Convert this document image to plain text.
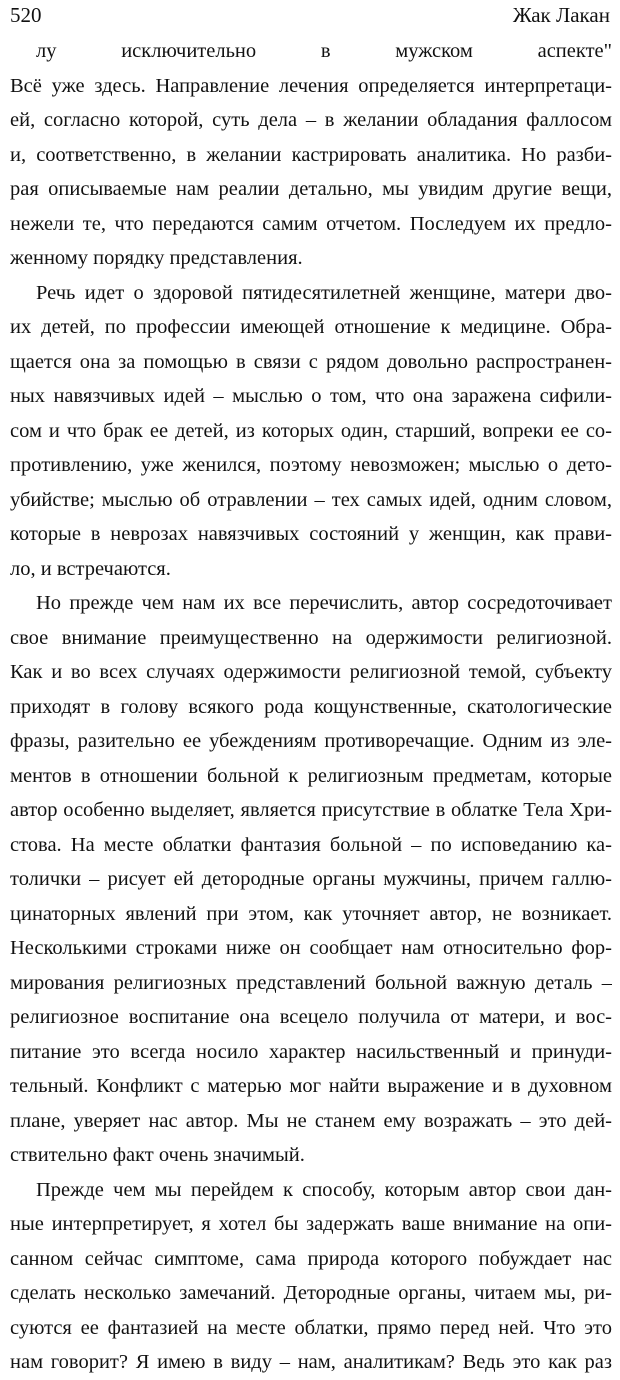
520	Жак Лакан
лу исключительно в мужском аспекте"
Всё уже здесь. Направление лечения определяется интерпретаци-
ей, согласно которой, суть дела – в желании обладания фаллосом
и, соответственно, в желании кастрировать аналитика. Но разби-
рая описываемые нам реалии детально, мы увидим другие вещи,
нежели те, что передаются самим отчетом. Последуем их предло-
женному порядку представления.
Речь идет о здоровой пятидесятилетней женщине, матери дво-
их детей, по профессии имеющей отношение к медицине. Обра-
щается она за помощью в связи с рядом довольно распространен-
ных навязчивых идей – мыслью о том, что она заражена сифили-
сом и что брак ее детей, из которых один, старший, вопреки ее со-
противлению, уже женился, поэтому невозможен; мыслью о дето-
убийстве; мыслью об отравлении – тех самых идей, одним словом,
которые в неврозах навязчивых состояний у женщин, как прави-
ло, и встречаются.
Но прежде чем нам их все перечислить, автор сосредоточивает
свое внимание преимущественно на одержимости религиозной.
Как и во всех случаях одержимости религиозной темой, субъекту
приходят в голову всякого рода кощунственные, скатологические
фразы, разительно ее убеждениям противоречащие. Одним из эле-
ментов в отношении больной к религиозным предметам, которые
автор особенно выделяет, является присутствие в облатке Тела Хри-
стова. На месте облатки фантазия больной – по исповеданию ка-
толички – рисует ей детородные органы мужчины, причем галлю-
цинаторных явлений при этом, как уточняет автор, не возникает.
Несколькими строками ниже он сообщает нам относительно фор-
мирования религиозных представлений больной важную деталь –
религиозное воспитание она всецело получила от матери, и вос-
питание это всегда носило характер насильственный и принуди-
тельный. Конфликт с матерью мог найти выражение и в духовном
плане, уверяет нас автор. Мы не станем ему возражать – это дей-
ствительно факт очень значимый.
Прежде чем мы перейдем к способу, которым автор свои дан-
ные интерпретирует, я хотел бы задержать ваше внимание на опи-
санном сейчас симптоме, сама природа которого побуждает нас
сделать несколько замечаний. Детородные органы, читаем мы, ри-
суются ее фантазией на месте облатки, прямо перед ней. Что это
нам говорит? Я имею в виду – нам, аналитикам? Ведь это как раз
